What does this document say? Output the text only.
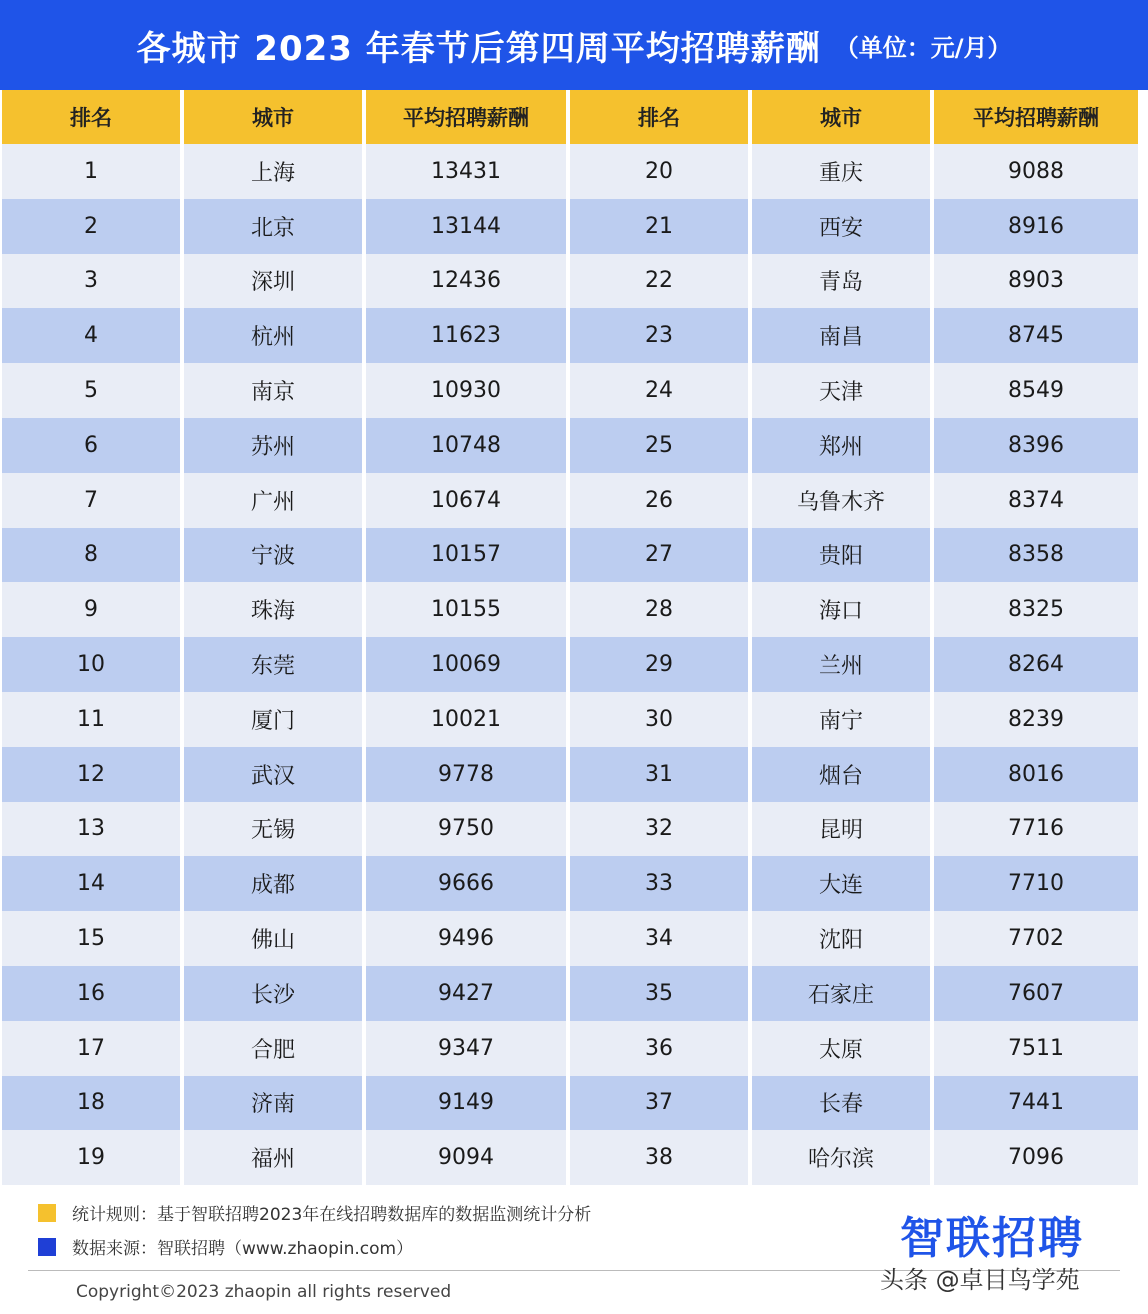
各城市 2023 年春节后第四周平均招聘薪酬 （单位：元/月）
排名	城市	平均招聘薪酬	排名	城市	平均招聘薪酬
1	上海	13431	20	重庆	9088
2	北京	13144	21	西安	8916
3	深圳	12436	22	青岛	8903
4	杭州	11623	23	南昌	8745
5	南京	10930	24	天津	8549
6	苏州	10748	25	郑州	8396
7	广州	10674	26	乌鲁木齐	8374
8	宁波	10157	27	贵阳	8358
9	珠海	10155	28	海口	8325
10	东莞	10069	29	兰州	8264
11	厦门	10021	30	南宁	8239
12	武汉	9778	31	烟台	8016
13	无锡	9750	32	昆明	7716
14	成都	9666	33	大连	7710
15	佛山	9496	34	沈阳	7702
16	长沙	9427	35	石家庄	7607
17	合肥	9347	36	太原	7511
18	济南	9149	37	长春	7441
19	福州	9094	38	哈尔滨	7096
统计规则：基于智联招聘2023年在线招聘数据库的数据监测统计分析
数据来源：智联招聘（www.zhaopin.com）	智联招聘
Copyright©2023 zhaopin all rights reserved	头条 @卓目鸟学苑
